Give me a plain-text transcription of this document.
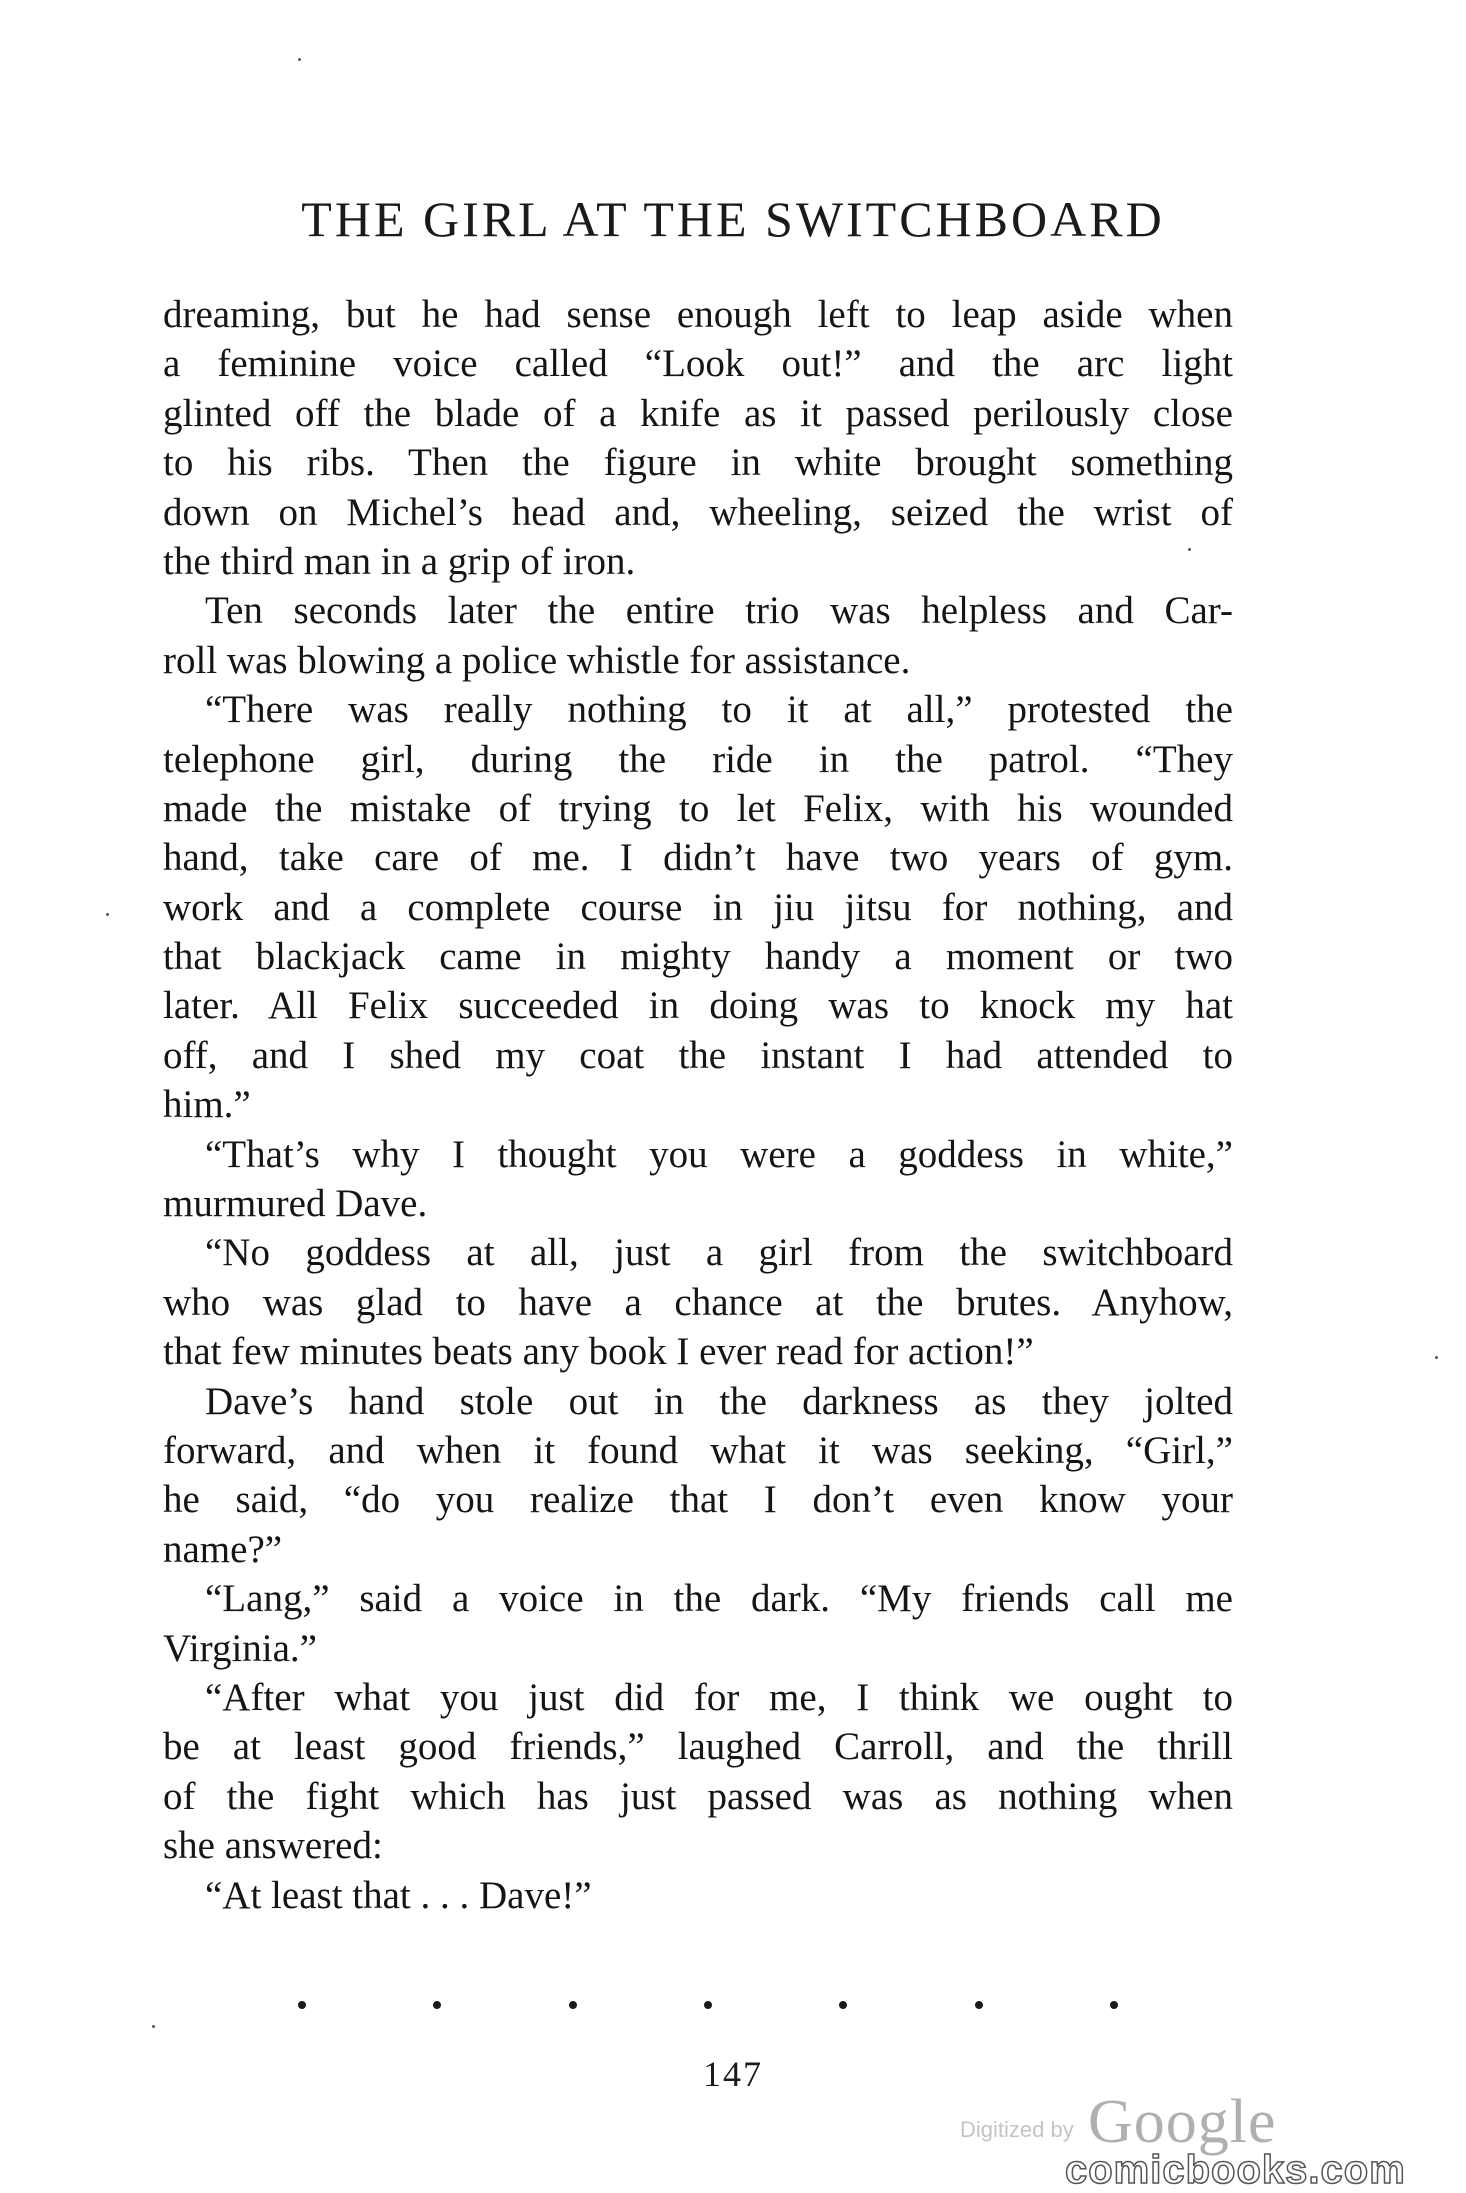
THE GIRL AT THE SWITCHBOARD
dreaming, but he had sense enough left to leap aside when
a feminine voice called “Look out!” and the arc light
glinted off the blade of a knife as it passed perilously close
to his ribs. Then the figure in white brought something
down on Michel’s head and, wheeling, seized the wrist of
the third man in a grip of iron.
Ten seconds later the entire trio was helpless and Car-
roll was blowing a police whistle for assistance.
“There was really nothing to it at all,” protested the
telephone girl, during the ride in the patrol. “They
made the mistake of trying to let Felix, with his wounded
hand, take care of me. I didn’t have two years of gym.
work and a complete course in jiu jitsu for nothing, and
that blackjack came in mighty handy a moment or two
later. All Felix succeeded in doing was to knock my hat
off, and I shed my coat the instant I had attended to
him.”
“That’s why I thought you were a goddess in white,”
murmured Dave.
“No goddess at all, just a girl from the switchboard
who was glad to have a chance at the brutes. Anyhow,
that few minutes beats any book I ever read for action!”
Dave’s hand stole out in the darkness as they jolted
forward, and when it found what it was seeking, “Girl,”
he said, “do you realize that I don’t even know your
name?”
“Lang,” said a voice in the dark. “My friends call me
Virginia.”
“After what you just did for me, I think we ought to
be at least good friends,” laughed Carroll, and the thrill
of the fight which has just passed was as nothing when
she answered:
“At least that . . . Dave!”
147
Digitized by Google
comicbooks.com
